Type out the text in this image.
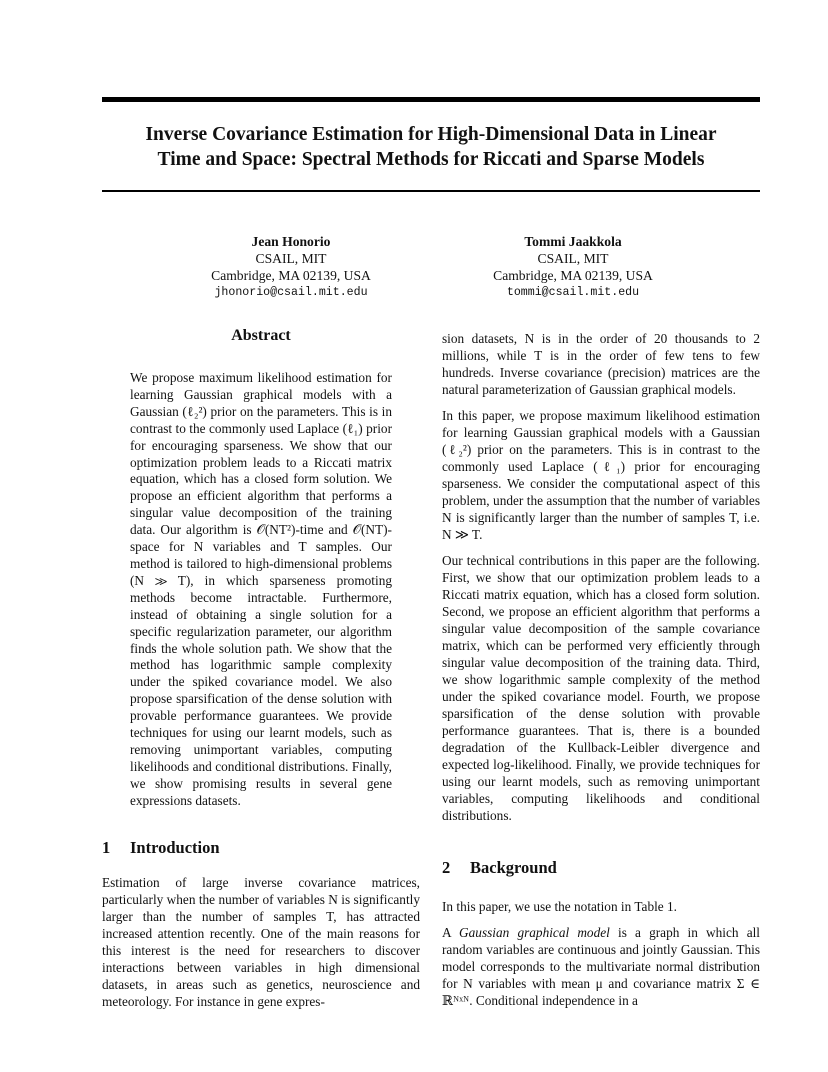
Inverse Covariance Estimation for High-Dimensional Data in Linear
Time and Space: Spectral Methods for Riccati and Sparse Models
Jean Honorio
CSAIL, MIT
Cambridge, MA 02139, USA
jhonorio@csail.mit.edu
Tommi Jaakkola
CSAIL, MIT
Cambridge, MA 02139, USA
tommi@csail.mit.edu
Abstract
We propose maximum likelihood estimation for learning Gaussian graphical models with a Gaussian (ℓ₂²) prior on the parameters. This is in contrast to the commonly used Laplace (ℓ₁) prior for encouraging sparseness. We show that our optimization problem leads to a Riccati matrix equation, which has a closed form solution. We propose an efficient algorithm that performs a singular value decomposition of the training data. Our algorithm is 𝒪(NT²)-time and 𝒪(NT)-space for N variables and T samples. Our method is tailored to high-dimensional problems (N ≫ T), in which sparseness promoting methods become intractable. Furthermore, instead of obtaining a single solution for a specific regularization parameter, our algorithm finds the whole solution path. We show that the method has logarithmic sample complexity under the spiked covariance model. We also propose sparsification of the dense solution with provable performance guarantees. We provide techniques for using our learnt models, such as removing unimportant variables, computing likelihoods and conditional distributions. Finally, we show promising results in several gene expressions datasets.
1 Introduction
Estimation of large inverse covariance matrices, particularly when the number of variables N is significantly larger than the number of samples T, has attracted increased attention recently. One of the main reasons for this interest is the need for researchers to discover interactions between variables in high dimensional datasets, in areas such as genetics, neuroscience and meteorology. For instance in gene expres-

sion datasets, N is in the order of 20 thousands to 2 millions, while T is in the order of few tens to few hundreds. Inverse covariance (precision) matrices are the natural parameterization of Gaussian graphical models.

In this paper, we propose maximum likelihood estimation for learning Gaussian graphical models with a Gaussian (ℓ₂²) prior on the parameters. This is in contrast to the commonly used Laplace (ℓ₁) prior for encouraging sparseness. We consider the computational aspect of this problem, under the assumption that the number of variables N is significantly larger than the number of samples T, i.e. N ≫ T.

Our technical contributions in this paper are the following. First, we show that our optimization problem leads to a Riccati matrix equation, which has a closed form solution. Second, we propose an efficient algorithm that performs a singular value decomposition of the sample covariance matrix, which can be performed very efficiently through singular value decomposition of the training data. Third, we show logarithmic sample complexity of the method under the spiked covariance model. Fourth, we propose sparsification of the dense solution with provable performance guarantees. That is, there is a bounded degradation of the Kullback-Leibler divergence and expected log-likelihood. Finally, we provide techniques for using our learnt models, such as removing unimportant variables, computing likelihoods and conditional distributions.

2 Background

In this paper, we use the notation in Table 1.

A Gaussian graphical model is a graph in which all random variables are continuous and jointly Gaussian. This model corresponds to the multivariate normal distribution for N variables with mean μ and covariance matrix Σ ∈ ℝᴺˣᴺ. Conditional independence in a
